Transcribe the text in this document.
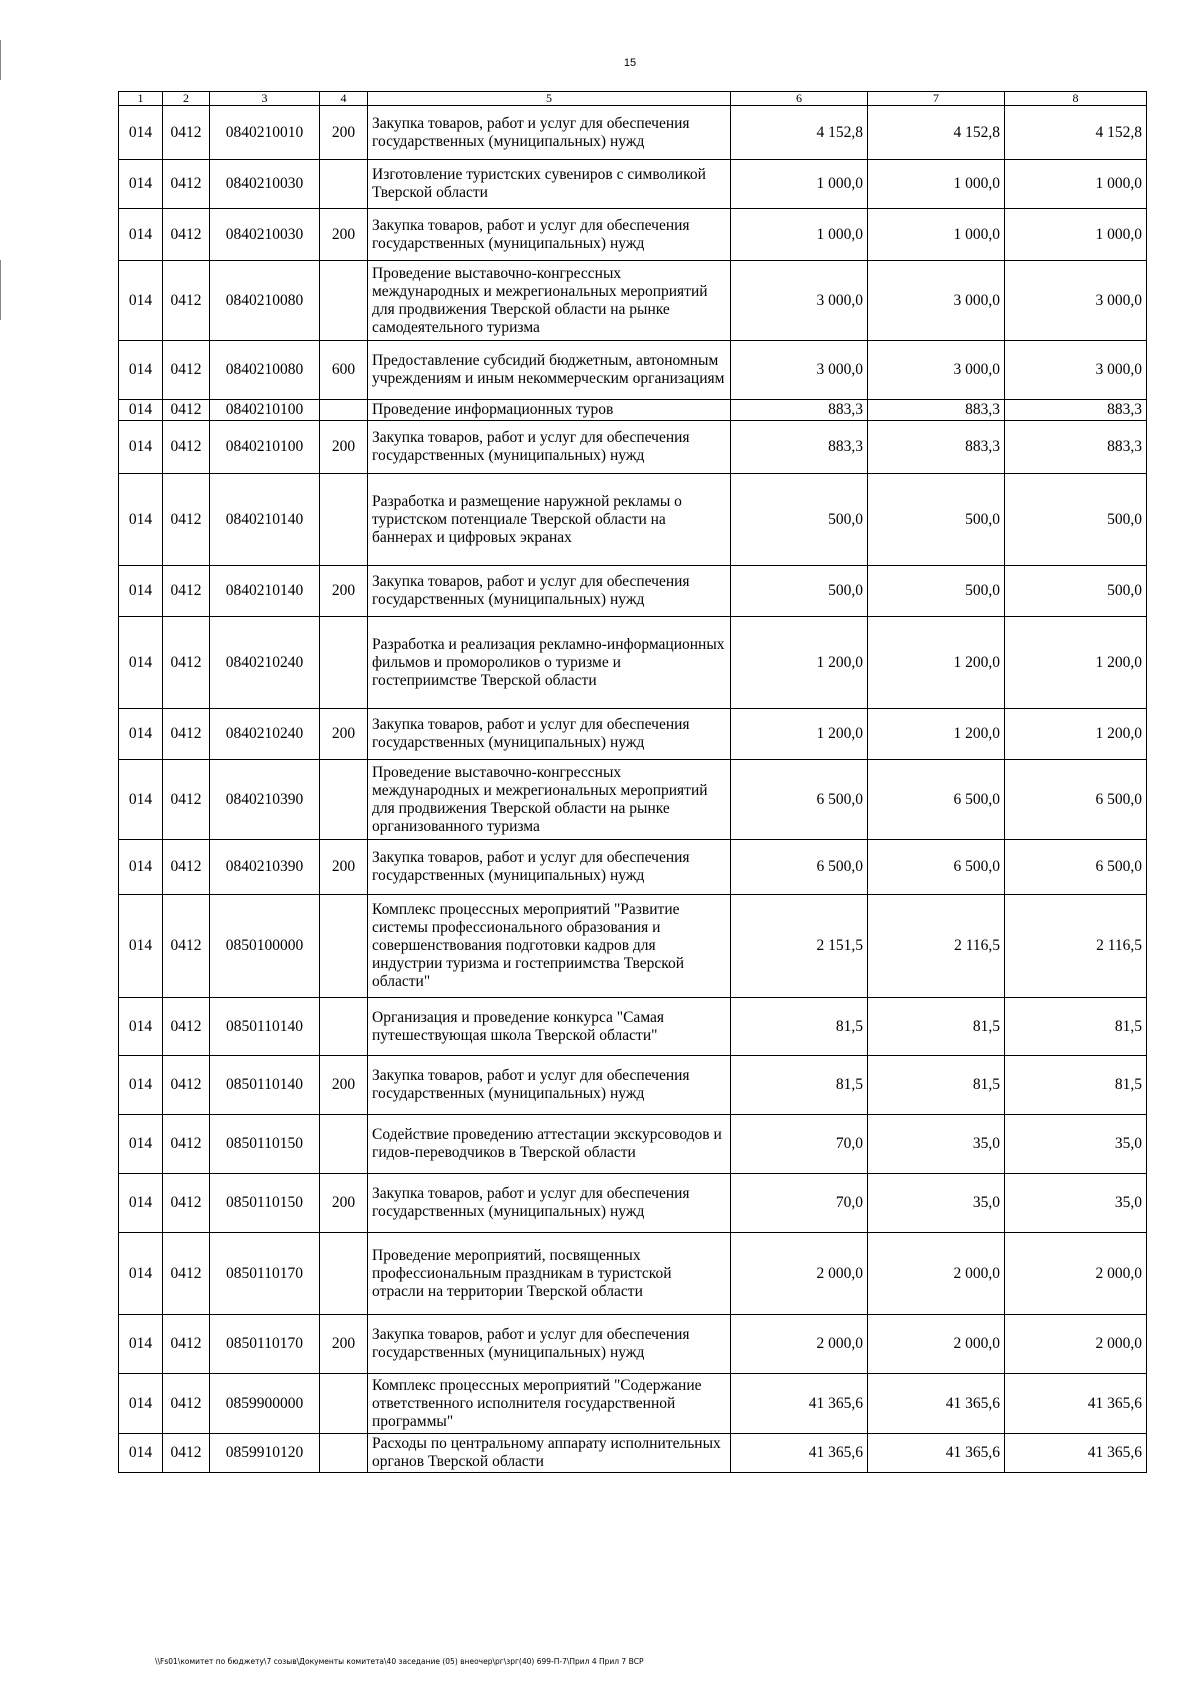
15
1	2	3	4	5	6	7	8
014	0412	0840210010	200	Закупка товаров, работ и услуг для обеспечения государственных (муниципальных) нужд	4 152,8	4 152,8	4 152,8
014	0412	0840210030		Изготовление туристских сувениров с символикой Тверской области	1 000,0	1 000,0	1 000,0
014	0412	0840210030	200	Закупка товаров, работ и услуг для обеспечения государственных (муниципальных) нужд	1 000,0	1 000,0	1 000,0
014	0412	0840210080		Проведение выставочно-конгрессных международных и межрегиональных мероприятий для продвижения Тверской области на рынке самодеятельного туризма	3 000,0	3 000,0	3 000,0
014	0412	0840210080	600	Предоставление субсидий бюджетным, автономным учреждениям и иным некоммерческим организациям	3 000,0	3 000,0	3 000,0
014	0412	0840210100		Проведение информационных туров	883,3	883,3	883,3
014	0412	0840210100	200	Закупка товаров, работ и услуг для обеспечения государственных (муниципальных) нужд	883,3	883,3	883,3
014	0412	0840210140		Разработка и размещение наружной рекламы о туристском потенциале Тверской области на баннерах и цифровых экранах	500,0	500,0	500,0
014	0412	0840210140	200	Закупка товаров, работ и услуг для обеспечения государственных (муниципальных) нужд	500,0	500,0	500,0
014	0412	0840210240		Разработка и реализация рекламно-информационных фильмов и промороликов о туризме и гостеприимстве Тверской области	1 200,0	1 200,0	1 200,0
014	0412	0840210240	200	Закупка товаров, работ и услуг для обеспечения государственных (муниципальных) нужд	1 200,0	1 200,0	1 200,0
014	0412	0840210390		Проведение выставочно-конгрессных международных и межрегиональных мероприятий для продвижения Тверской области на рынке организованного туризма	6 500,0	6 500,0	6 500,0
014	0412	0840210390	200	Закупка товаров, работ и услуг для обеспечения государственных (муниципальных) нужд	6 500,0	6 500,0	6 500,0
014	0412	0850100000		Комплекс процессных мероприятий "Развитие системы профессионального образования и совершенствования подготовки кадров для индустрии туризма и гостеприимства Тверской области"	2 151,5	2 116,5	2 116,5
014	0412	0850110140		Организация и проведение конкурса "Самая путешествующая школа Тверской области"	81,5	81,5	81,5
014	0412	0850110140	200	Закупка товаров, работ и услуг для обеспечения государственных (муниципальных) нужд	81,5	81,5	81,5
014	0412	0850110150		Содействие проведению аттестации экскурсоводов и гидов-переводчиков в Тверской области	70,0	35,0	35,0
014	0412	0850110150	200	Закупка товаров, работ и услуг для обеспечения государственных (муниципальных) нужд	70,0	35,0	35,0
014	0412	0850110170		Проведение мероприятий, посвященных профессиональным праздникам в туристской отрасли на территории Тверской области	2 000,0	2 000,0	2 000,0
014	0412	0850110170	200	Закупка товаров, работ и услуг для обеспечения государственных (муниципальных) нужд	2 000,0	2 000,0	2 000,0
014	0412	0859900000		Комплекс процессных мероприятий "Содержание ответственного исполнителя государственной программы"	41 365,6	41 365,6	41 365,6
014	0412	0859910120		Расходы по центральному аппарату исполнительных органов Тверской области	41 365,6	41 365,6	41 365,6
\\Fs01\комитет по бюджету\7 созыв\Документы комитета\40 заседание (05) внеочер\рг\зрг(40) 699-П-7\Прил 4 Прил 7 ВСР
